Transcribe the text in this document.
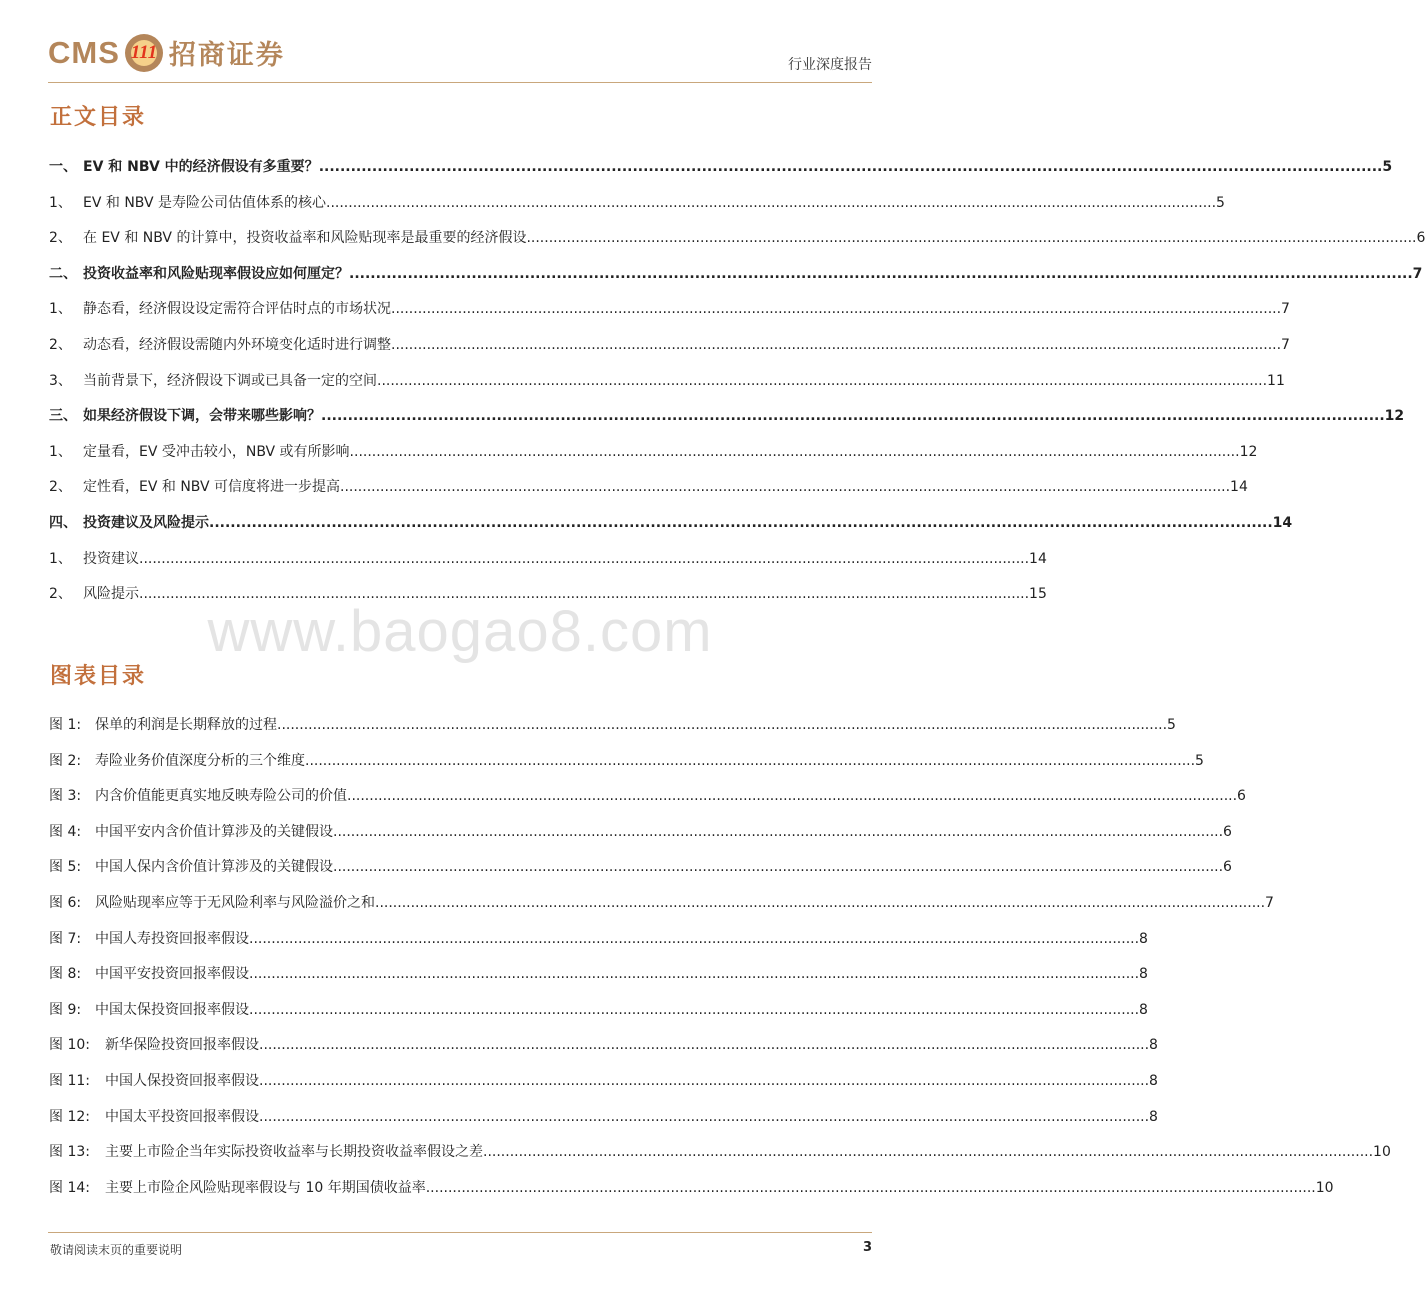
CMS 111 招商证券	行业深度报告
正文目录
一、 EV 和 NBV 中的经济假设有多重要？ ........................................................................................................................................................................................................ 5
1、 EV 和 NBV 是寿险公司估值体系的核心 ........................................................................................................................................................................................................ 5
2、 在 EV 和 NBV 的计算中，投资收益率和风险贴现率是最重要的经济假设 ........................................................................................................................................................................................................ 6
二、 投资收益率和风险贴现率假设应如何厘定？ ........................................................................................................................................................................................................ 7
1、 静态看，经济假设设定需符合评估时点的市场状况 ........................................................................................................................................................................................................ 7
2、 动态看，经济假设需随内外环境变化适时进行调整 ........................................................................................................................................................................................................ 7
3、 当前背景下，经济假设下调或已具备一定的空间 ........................................................................................................................................................................................................ 11
三、 如果经济假设下调，会带来哪些影响？ ........................................................................................................................................................................................................ 12
1、 定量看，EV 受冲击较小，NBV 或有所影响 ........................................................................................................................................................................................................ 12
2、 定性看，EV 和 NBV 可信度将进一步提高 ........................................................................................................................................................................................................ 14
四、 投资建议及风险提示 ........................................................................................................................................................................................................ 14
1、 投资建议 ........................................................................................................................................................................................................ 14
2、 风险提示 ........................................................................................................................................................................................................ 15
www.baogao8.com
图表目录
图 1: 保单的利润是长期释放的过程 ........................................................................................................................................................................................................ 5
图 2: 寿险业务价值深度分析的三个维度 ........................................................................................................................................................................................................ 5
图 3: 内含价值能更真实地反映寿险公司的价值 ........................................................................................................................................................................................................ 6
图 4: 中国平安内含价值计算涉及的关键假设 ........................................................................................................................................................................................................ 6
图 5: 中国人保内含价值计算涉及的关键假设 ........................................................................................................................................................................................................ 6
图 6: 风险贴现率应等于无风险利率与风险溢价之和 ........................................................................................................................................................................................................ 7
图 7: 中国人寿投资回报率假设 ........................................................................................................................................................................................................ 8
图 8: 中国平安投资回报率假设 ........................................................................................................................................................................................................ 8
图 9: 中国太保投资回报率假设 ........................................................................................................................................................................................................ 8
图 10:	新华保险投资回报率假设 ........................................................................................................................................................................................................ 8
图 11:	中国人保投资回报率假设 ........................................................................................................................................................................................................ 8
图 12:	中国太平投资回报率假设 ........................................................................................................................................................................................................ 8
图 13:	主要上市险企当年实际投资收益率与长期投资收益率假设之差 ........................................................................................................................................................................................................ 10
图 14:	主要上市险企风险贴现率假设与 10 年期国债收益率 ........................................................................................................................................................................................................ 10
敬请阅读末页的重要说明	3
